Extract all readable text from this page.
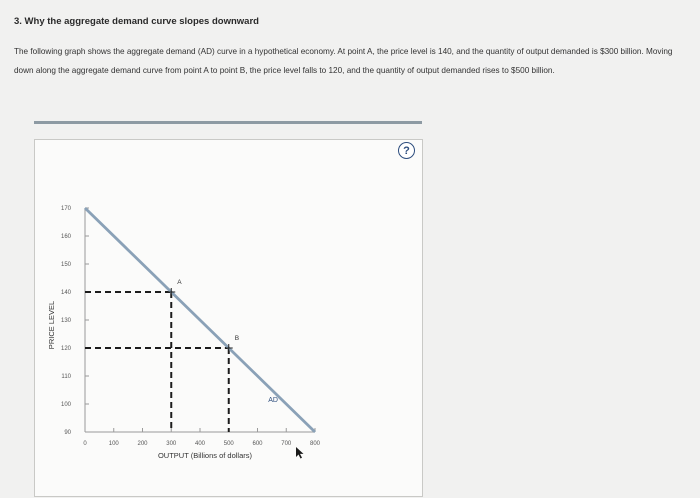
3. Why the aggregate demand curve slopes downward
The following graph shows the aggregate demand (AD) curve in a hypothetical economy. At point A, the price level is 140, and the quantity of output demanded is $300 billion. Moving down along the aggregate demand curve from point A to point B, the price level falls to 120, and the quantity of output demanded rises to $500 billion.
?
90
100
110
120
130
140
150
160
170
0	100	200	300	400	500	600	700	800
OUTPUT (Billions of dollars)
PRICE LEVEL
AD
A
B
